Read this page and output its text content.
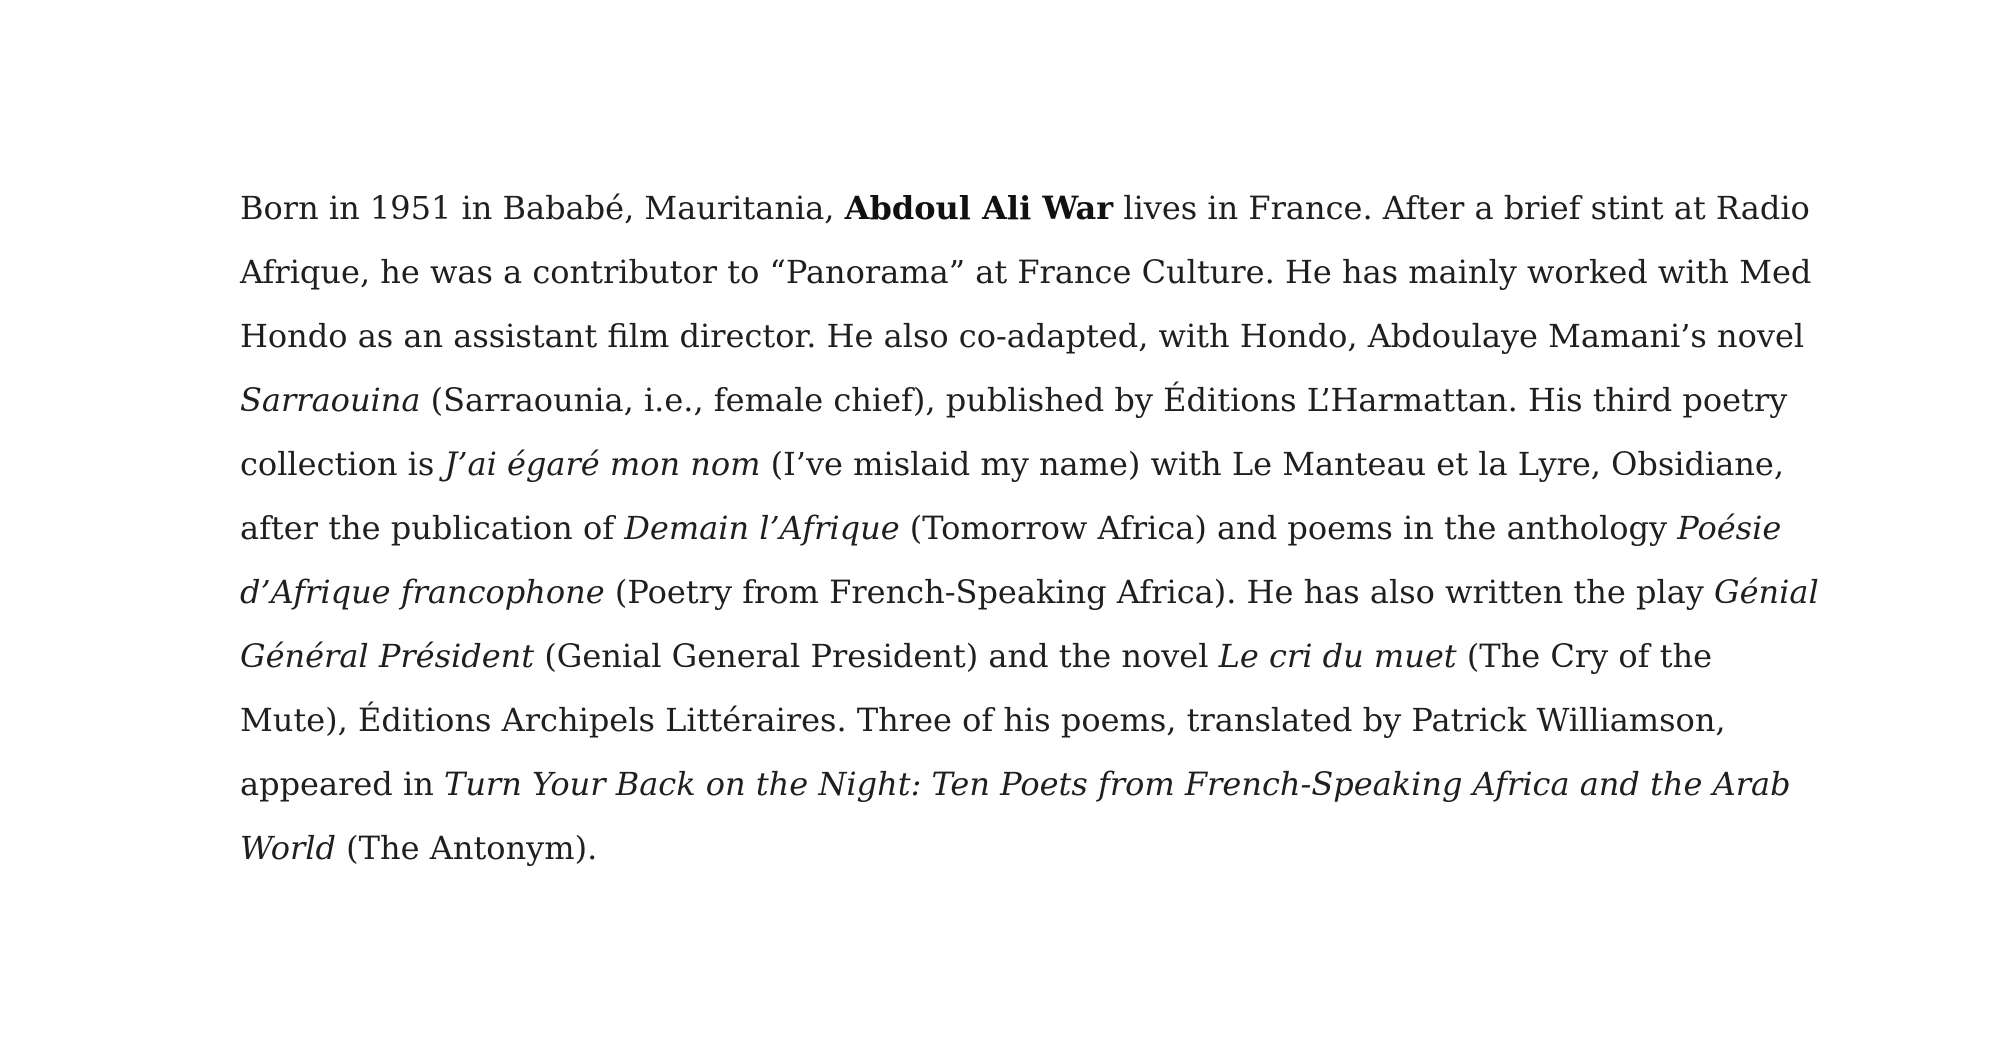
Born in 1951 in Bababé, Mauritania, Abdoul Ali War lives in France. After a brief stint at Radio Afrique, he was a contributor to “Panorama” at France Culture. He has mainly worked with Med Hondo as an assistant film director. He also co-adapted, with Hondo, Abdoulaye Mamani’s novel Sarraouina (Sarraounia, i.e., female chief), published by Éditions L’Harmattan. His third poetry collection is J’ai égaré mon nom (I’ve mislaid my name) with Le Manteau et la Lyre, Obsidiane, after the publication of Demain l’Afrique (Tomorrow Africa) and poems in the anthology Poésie d’Afrique francophone (Poetry from French-Speaking Africa). He has also written the play Génial Général Président (Genial General President) and the novel Le cri du muet (The Cry of the Mute), Éditions Archipels Littéraires. Three of his poems, translated by Patrick Williamson, appeared in Turn Your Back on the Night: Ten Poets from French-Speaking Africa and the Arab World (The Antonym).
